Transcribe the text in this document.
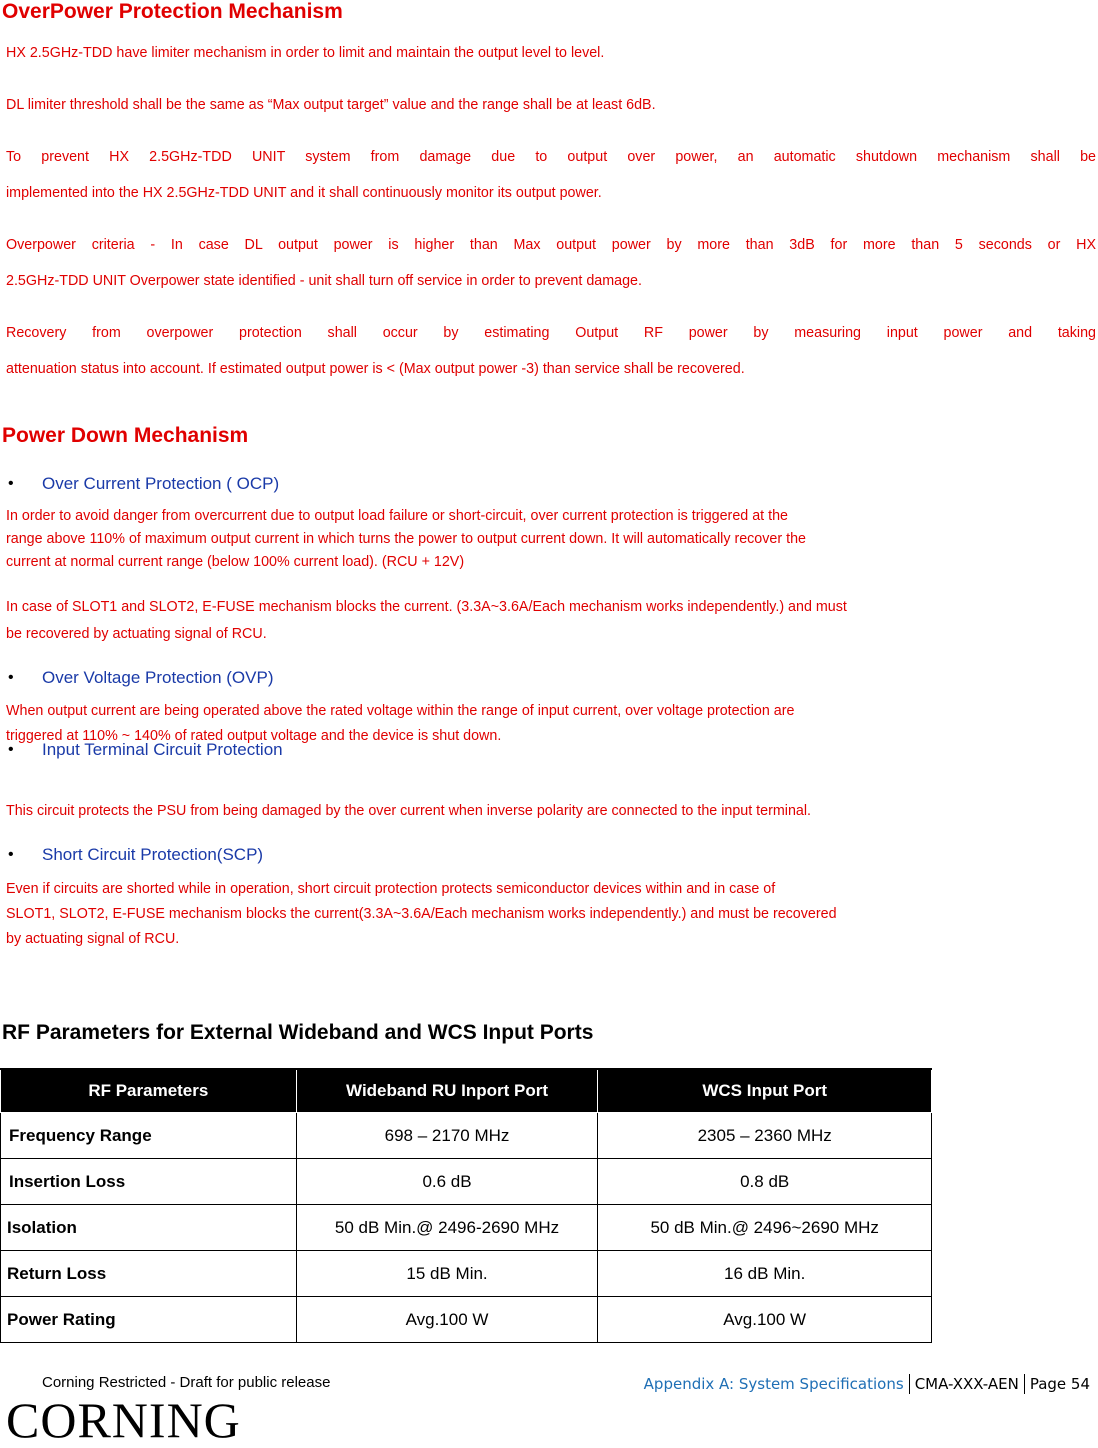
OverPower Protection Mechanism

HX 2.5GHz-TDD have limiter mechanism in order to limit and maintain the output level to level.

DL limiter threshold shall be the same as “Max output target” value and the range shall be at least 6dB.

To prevent HX 2.5GHz-TDD UNIT system from damage due to output over power, an automatic shutdown mechanism shall be

implemented into the HX 2.5GHz-TDD UNIT and it shall continuously monitor its output power.

Overpower criteria - In case DL output power is higher than Max output power by more than 3dB for more than 5 seconds or HX

2.5GHz-TDD UNIT Overpower state identified - unit shall turn off service in order to prevent damage.

Recovery from overpower protection shall occur by estimating Output RF power by measuring input power and taking

attenuation status into account. If estimated output power is < (Max output power -3) than service shall be recovered.

Power Down Mechanism
•	Over Current Protection ( OCP)

In order to avoid danger from overcurrent due to output load failure or short-circuit, over current protection is triggered at the

range above 110% of maximum output current in which turns the power to output current down. It will automatically recover the

current at normal current range (below 100% current load). (RCU + 12V)

In case of SLOT1 and SLOT2, E-FUSE mechanism blocks the current. (3.3A~3.6A/Each mechanism works independently.) and must

be recovered by actuating signal of RCU.

•	Over Voltage Protection (OVP)

When output current are being operated above the rated voltage within the range of input current, over voltage protection are

triggered at 110% ~ 140% of rated output voltage and the device is shut down.

•	Input Terminal Circuit Protection

This circuit protects the PSU from being damaged by the over current when inverse polarity are connected to the input terminal.

•	Short Circuit Protection(SCP)

Even if circuits are shorted while in operation, short circuit protection protects semiconductor devices within and in case of

SLOT1, SLOT2, E-FUSE mechanism blocks the current(3.3A~3.6A/Each mechanism works independently.) and must be recovered

by actuating signal of RCU.

RF Parameters for External Wideband and WCS Input Ports
RF Parameters	Wideband RU Inport Port	WCS Input Port
Frequency Range	698 – 2170 MHz	2305 – 2360 MHz
Insertion Loss	0.6 dB	0.8 dB
Isolation	50 dB Min.@ 2496-2690 MHz	50 dB Min.@ 2496~2690 MHz
Return Loss	15 dB Min.	16 dB Min.
Power Rating	Avg.100 W	Avg.100 W
Corning Restricted - Draft for public release	Appendix A: System Specifications CMA-XXX-AEN Page 54
CORNING
